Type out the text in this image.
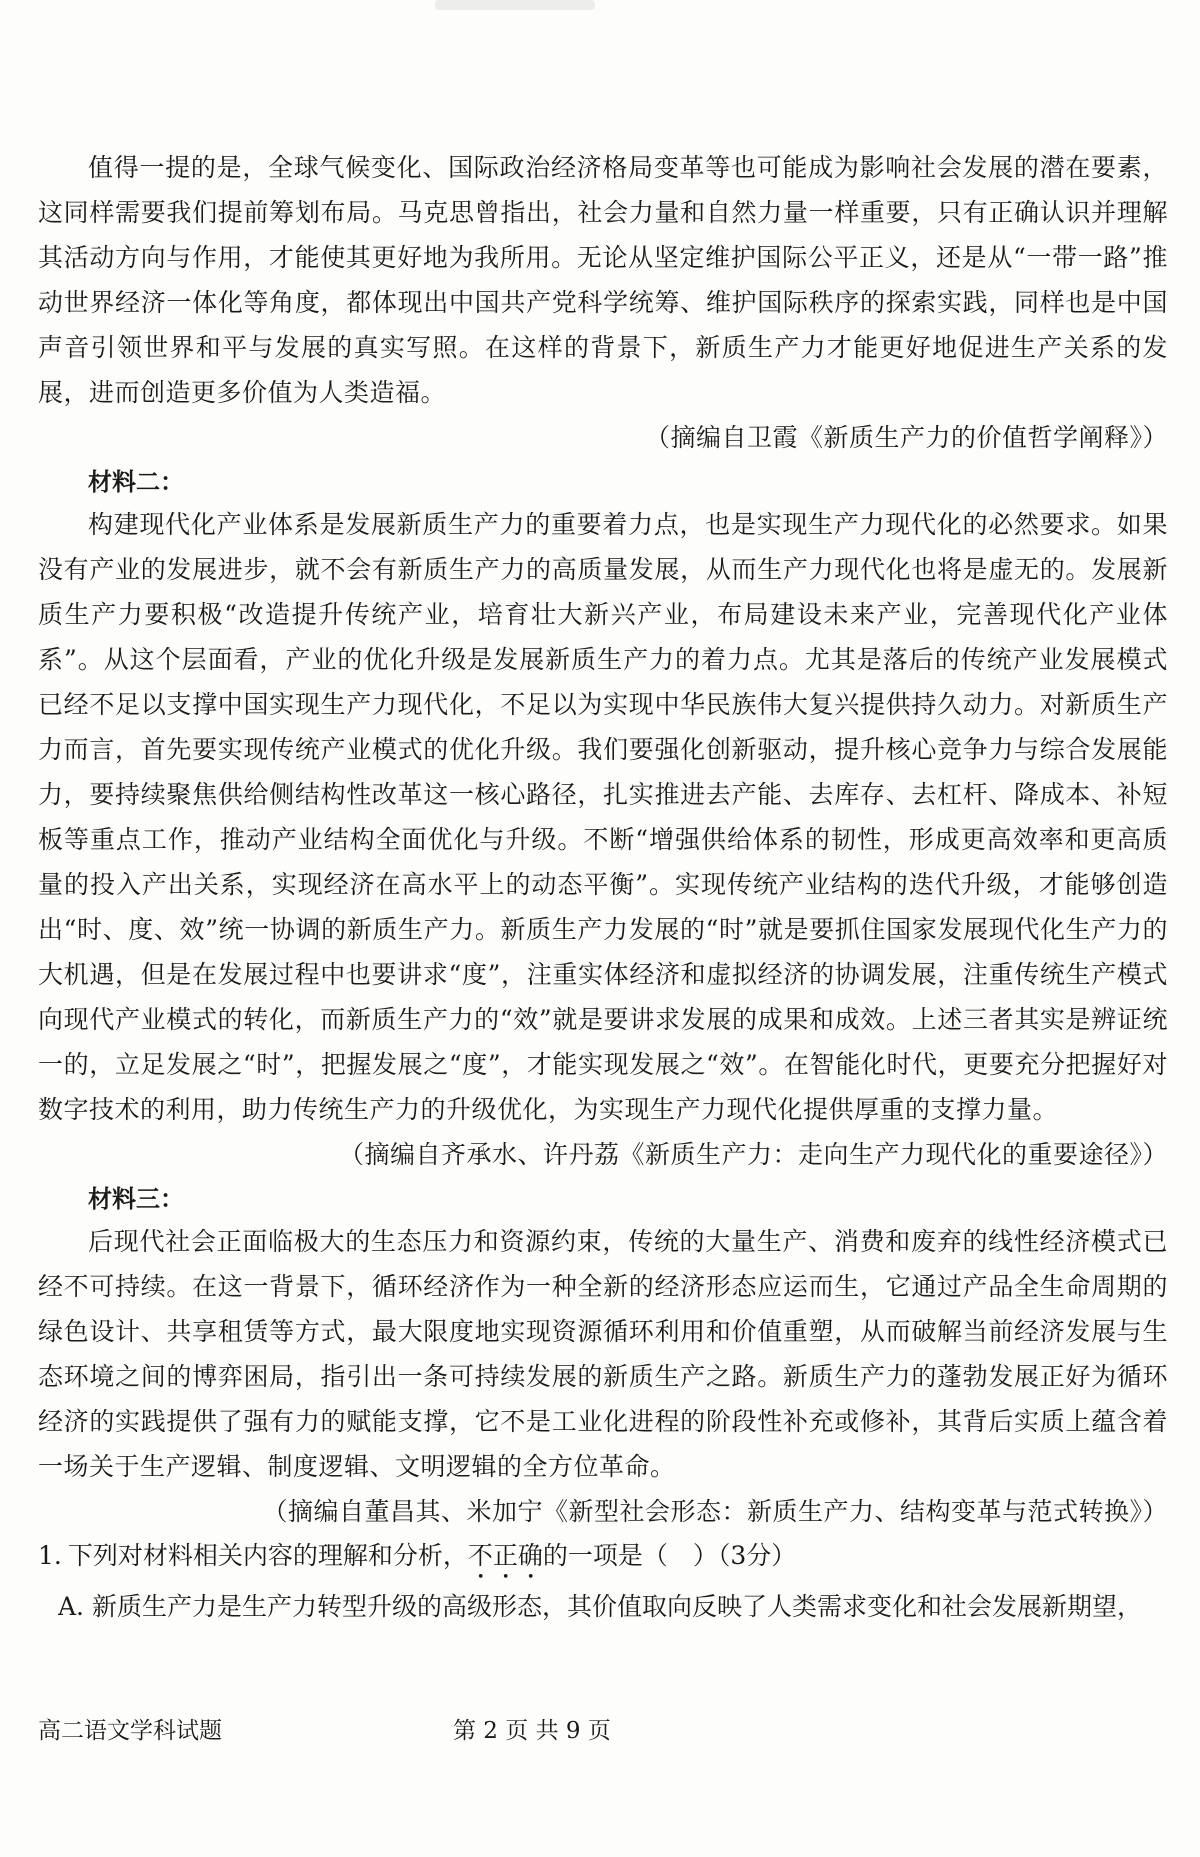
值得一提的是，全球气候变化、国际政治经济格局变革等也可能成为影响社会发展的潜在要素，这同样需要我们提前筹划布局。马克思曾指出，社会力量和自然力量一样重要，只有正确认识并理解其活动方向与作用，才能使其更好地为我所用。无论从坚定维护国际公平正义，还是从“一带一路”推动世界经济一体化等角度，都体现出中国共产党科学统筹、维护国际秩序的探索实践，同样也是中国声音引领世界和平与发展的真实写照。在这样的背景下，新质生产力才能更好地促进生产关系的发展，进而创造更多价值为人类造福。

（摘编自卫霞《新质生产力的价值哲学阐释》）

材料二：

构建现代化产业体系是发展新质生产力的重要着力点，也是实现生产力现代化的必然要求。如果没有产业的发展进步，就不会有新质生产力的高质量发展，从而生产力现代化也将是虚无的。发展新质生产力要积极“改造提升传统产业，培育壮大新兴产业，布局建设未来产业，完善现代化产业体系”。从这个层面看，产业的优化升级是发展新质生产力的着力点。尤其是落后的传统产业发展模式已经不足以支撑中国实现生产力现代化，不足以为实现中华民族伟大复兴提供持久动力。对新质生产力而言，首先要实现传统产业模式的优化升级。我们要强化创新驱动，提升核心竞争力与综合发展能力，要持续聚焦供给侧结构性改革这一核心路径，扎实推进去产能、去库存、去杠杆、降成本、补短板等重点工作，推动产业结构全面优化与升级。不断“增强供给体系的韧性，形成更高效率和更高质量的投入产出关系，实现经济在高水平上的动态平衡”。实现传统产业结构的迭代升级，才能够创造出“时、度、效”统一协调的新质生产力。新质生产力发展的“时”就是要抓住国家发展现代化生产力的大机遇，但是在发展过程中也要讲求“度”，注重实体经济和虚拟经济的协调发展，注重传统生产模式向现代产业模式的转化，而新质生产力的“效”就是要讲求发展的成果和成效。上述三者其实是辨证统一的，立足发展之“时”，把握发展之“度”，才能实现发展之“效”。在智能化时代，更要充分把握好对数字技术的利用，助力传统生产力的升级优化，为实现生产力现代化提供厚重的支撑力量。

（摘编自齐承水、许丹荔《新质生产力：走向生产力现代化的重要途径》）

材料三：

后现代社会正面临极大的生态压力和资源约束，传统的大量生产、消费和废弃的线性经济模式已经不可持续。在这一背景下，循环经济作为一种全新的经济形态应运而生，它通过产品全生命周期的绿色设计、共享租赁等方式，最大限度地实现资源循环利用和价值重塑，从而破解当前经济发展与生态环境之间的博弈困局，指引出一条可持续发展的新质生产之路。新质生产力的蓬勃发展正好为循环经济的实践提供了强有力的赋能支撑，它不是工业化进程的阶段性补充或修补，其背后实质上蕴含着一场关于生产逻辑、制度逻辑、文明逻辑的全方位革命。

（摘编自董昌其、米加宁《新型社会形态：新质生产力、结构变革与范式转换》）

1. 下列对材料相关内容的理解和分析，不正确的一项是（　）（3分）

A. 新质生产力是生产力转型升级的高级形态，其价值取向反映了人类需求变化和社会发展新期望，

高二语文学科试题	第 2 页 共 9 页
